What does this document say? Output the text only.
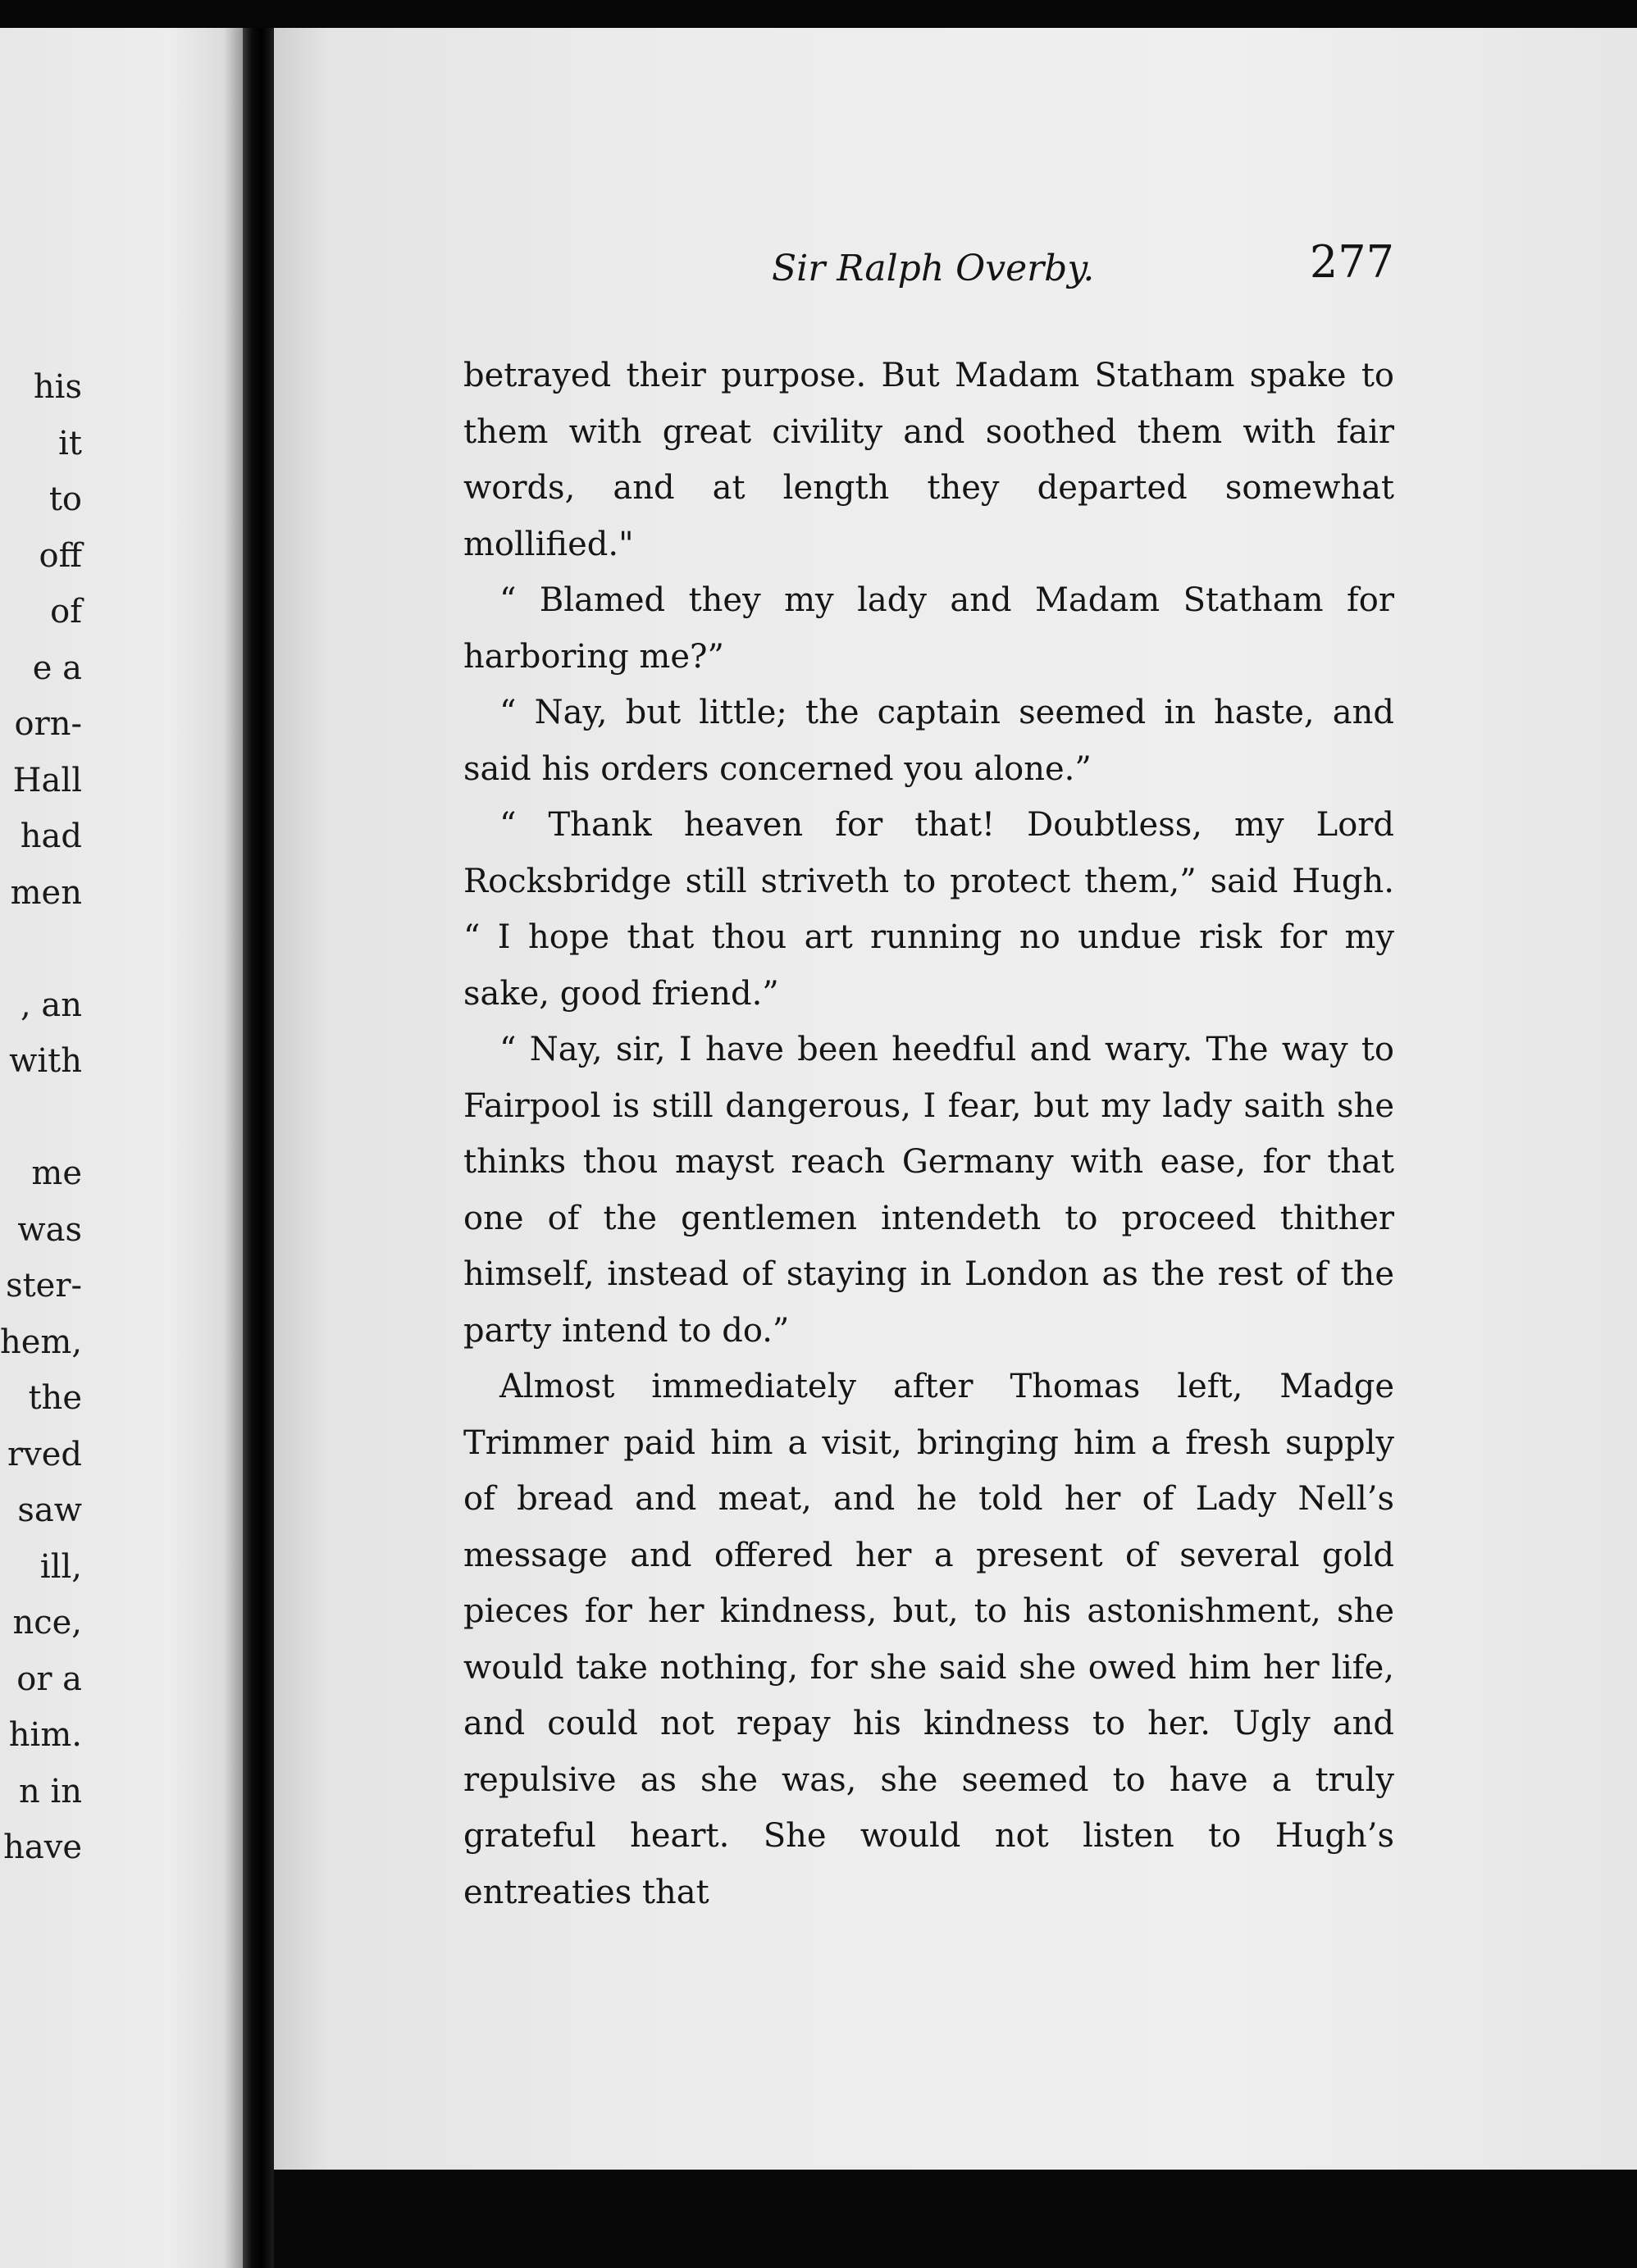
his
it
to
off
of
e a
orn-
Hall
had
men
, an
with
me
was
ster-
hem,
the
rved
saw
ill,
nce,
or a
him.
n in
have
Sir Ralph Overby.	277

betrayed their purpose. But Madam Statham spake to them with great civility and soothed them with fair words, and at length they departed somewhat mollified."

“ Blamed they my lady and Madam Statham for harboring me?”

“ Nay, but little; the captain seemed in haste, and said his orders concerned you alone.”

“ Thank heaven for that! Doubtless, my Lord Rocksbridge still striveth to protect them,” said Hugh. “ I hope that thou art running no undue risk for my sake, good friend.”

“ Nay, sir, I have been heedful and wary. The way to Fairpool is still dangerous, I fear, but my lady saith she thinks thou mayst reach Germany with ease, for that one of the gentlemen intendeth to proceed thither himself, instead of staying in London as the rest of the party intend to do.”

Almost immediately after Thomas left, Madge Trimmer paid him a visit, bringing him a fresh supply of bread and meat, and he told her of Lady Nell’s message and offered her a present of several gold pieces for her kindness, but, to his astonishment, she would take nothing, for she said she owed him her life, and could not repay his kindness to her. Ugly and repulsive as she was, she seemed to have a truly grateful heart. She would not listen to Hugh’s entreaties that
